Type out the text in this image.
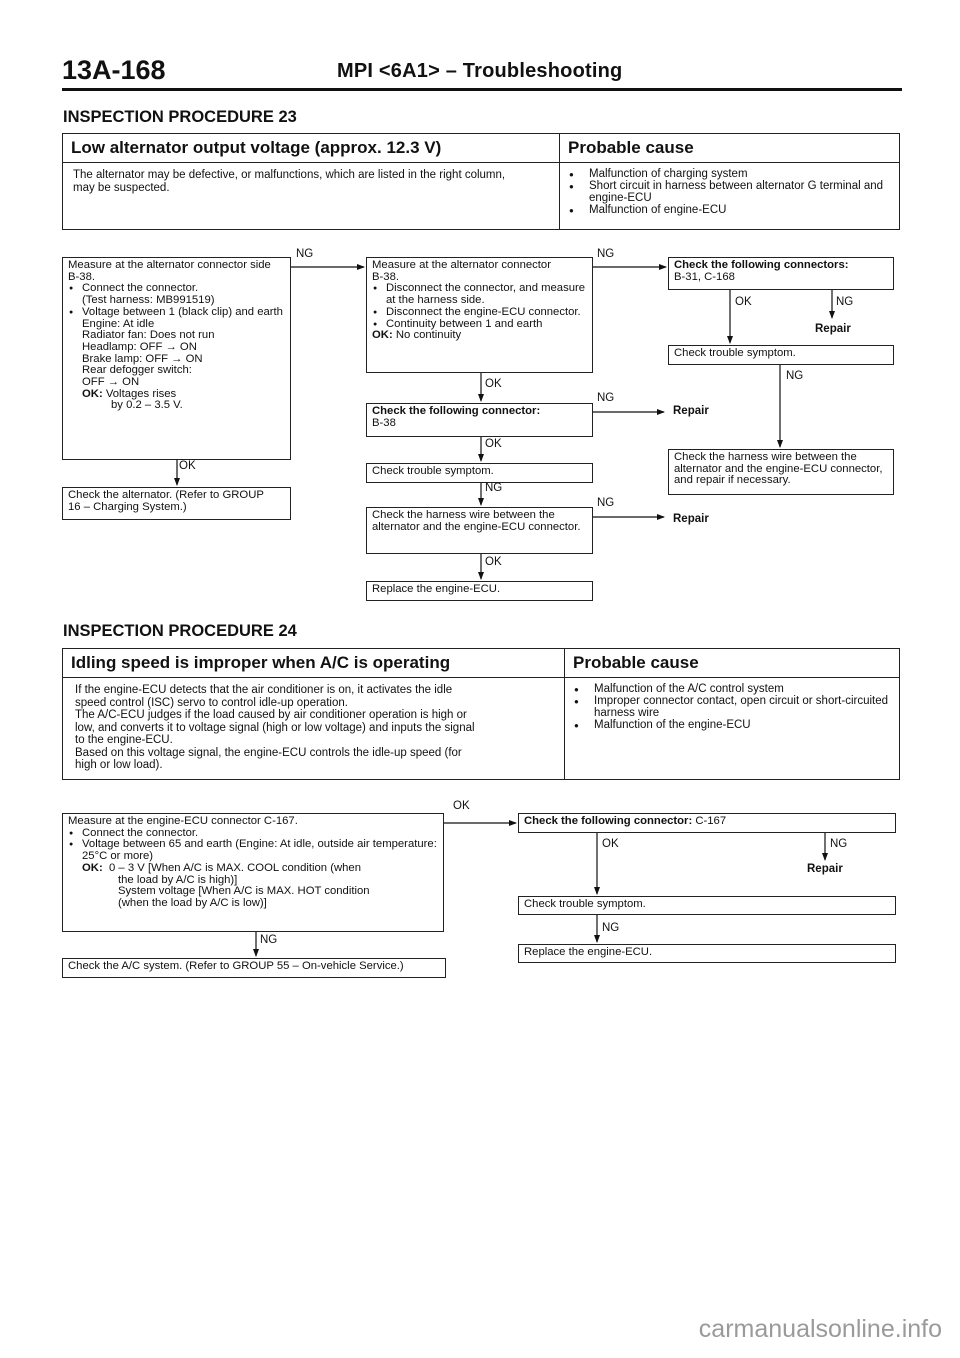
13A-168	MPI <6A1> – Troubleshooting
INSPECTION PROCEDURE 23
Low alternator output voltage (approx. 12.3 V)	Probable cause
The alternator may be defective, or malfunctions, which are listed in the right column,
may be suspected.
● Malfunction of charging system
● Short circuit in harness between alternator G terminal and engine-ECU
● Malfunction of engine-ECU
Measure at the alternator connector side
B-38.
● Connect the connector.
(Test harness: MB991519)
● Voltage between 1 (black clip) and earth
Engine: At idle
Radiator fan: Does not run
Headlamp: OFF → ON
Brake lamp: OFF → ON
Rear defogger switch:
OFF → ON
OK: Voltages rises
by 0.2 – 3.5 V.
Check the alternator. (Refer to GROUP
16 – Charging System.)
Measure at the alternator connector
B-38.
● Disconnect the connector, and measure at the harness side.
● Disconnect the engine-ECU connector.
● Continuity between 1 and earth
OK: No continuity
Check the following connector:
B-38
Check trouble symptom.
Check the harness wire between the alternator and the engine-ECU connector.
Replace the engine-ECU.
Check the following connectors:
B-31, C-168
Check trouble symptom.
Check the harness wire between the alternator and the engine-ECU connector, and repair if necessary.
NG	NG
OK
OK
NG
OK
NG
NG
OK
OK	NG
Repair
NG
Repair
Repair
INSPECTION PROCEDURE 24
Idling speed is improper when A/C is operating	Probable cause
If the engine-ECU detects that the air conditioner is on, it activates the idle
speed control (ISC) servo to control idle-up operation.
The A/C-ECU judges if the load caused by air conditioner operation is high or
low, and converts it to voltage signal (high or low voltage) and inputs the signal
to the engine-ECU.
Based on this voltage signal, the engine-ECU controls the idle-up speed (for
high or low load).
● Malfunction of the A/C control system
● Improper connector contact, open circuit or short-circuited harness wire
● Malfunction of the engine-ECU
Measure at the engine-ECU connector C-167.
● Connect the connector.
● Voltage between 65 and earth (Engine: At idle, outside air temperature: 25°C or more)
OK: 0 – 3 V [When A/C is MAX. COOL condition (when
the load by A/C is high)]
System voltage [When A/C is MAX. HOT condition
(when the load by A/C is low)]
Check the A/C system. (Refer to GROUP 55 – On-vehicle Service.)
Check the following connector: C-167
Check trouble symptom.
Replace the engine-ECU.
OK
OK	NG
Repair
NG
NG
carmanualsonline.info
